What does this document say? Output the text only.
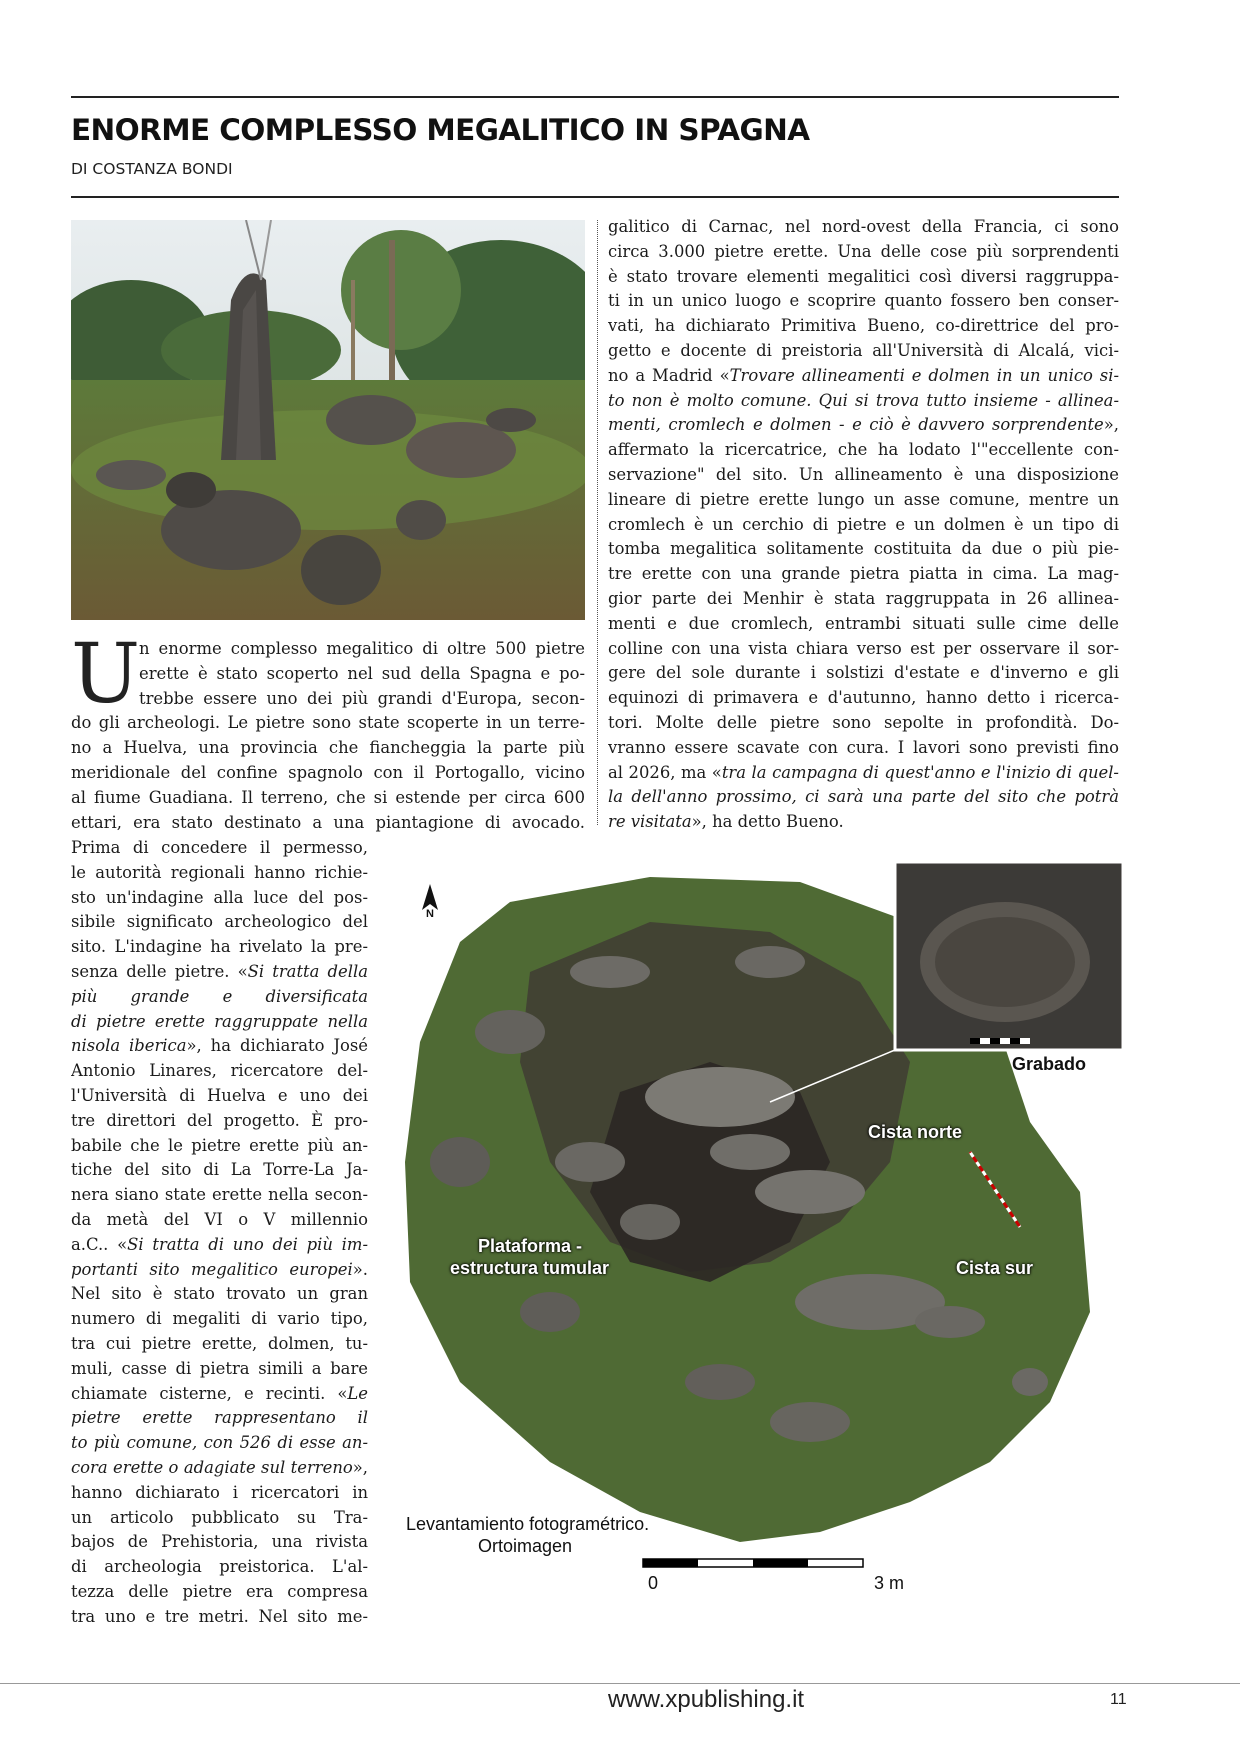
ENORME COMPLESSO MEGALITICO IN SPAGNA
DI COSTANZA BONDI
U
n enorme complesso megalitico di oltre 500 pietre
erette è stato scoperto nel sud della Spagna e po-
trebbe essere uno dei più grandi d'Europa, secon-
do gli archeologi. Le pietre sono state scoperte in un terre-
no a Huelva, una provincia che fiancheggia la parte più
meridionale del confine spagnolo con il Portogallo, vicino
al fiume Guadiana. Il terreno, che si estende per circa 600
ettari, era stato destinato a una piantagione di avocado.
Prima di concedere il permesso,
le autorità regionali hanno richie-
sto un'indagine alla luce del pos-
sibile significato archeologico del
sito. L'indagine ha rivelato la pre-
senza delle pietre. «Si tratta della
più grande e diversificata
di pietre erette raggruppate nella
nisola iberica», ha dichiarato José
Antonio Linares, ricercatore del-
l'Università di Huelva e uno dei
tre direttori del progetto. È pro-
babile che le pietre erette più an-
tiche del sito di La Torre-La Ja-
nera siano state erette nella secon-
da metà del VI o V millennio
a.C.. «Si tratta di uno dei più im-
portanti sito megalitico europei».
Nel sito è stato trovato un gran
numero di megaliti di vario tipo,
tra cui pietre erette, dolmen, tu-
muli, casse di pietra simili a bare
chiamate cisterne, e recinti. «Le
pietre erette rappresentano il
to più comune, con 526 di esse an-
cora erette o adagiate sul terreno»,
hanno dichiarato i ricercatori in
un articolo pubblicato su Tra-
bajos de Prehistoria, una rivista
di archeologia preistorica. L'al-
tezza delle pietre era compresa
tra uno e tre metri. Nel sito me-
galitico di Carnac, nel nord-ovest della Francia, ci sono
circa 3.000 pietre erette. Una delle cose più sorprendenti
è stato trovare elementi megalitici così diversi raggruppa-
ti in un unico luogo e scoprire quanto fossero ben conser-
vati, ha dichiarato Primitiva Bueno, co-direttrice del pro-
getto e docente di preistoria all'Università di Alcalá, vici-
no a Madrid «Trovare allineamenti e dolmen in un unico si-
to non è molto comune. Qui si trova tutto insieme - allinea-
menti, cromlech e dolmen - e ciò è davvero sorprendente»,
affermato la ricercatrice, che ha lodato l'"eccellente con-
servazione" del sito. Un allineamento è una disposizione
lineare di pietre erette lungo un asse comune, mentre un
cromlech è un cerchio di pietre e un dolmen è un tipo di
tomba megalitica solitamente costituita da due o più pie-
tre erette con una grande pietra piatta in cima. La mag-
gior parte dei Menhir è stata raggruppata in 26 allinea-
menti e due cromlech, entrambi situati sulle cime delle
colline con una vista chiara verso est per osservare il sor-
gere del sole durante i solstizi d'estate e d'inverno e gli
equinozi di primavera e d'autunno, hanno detto i ricerca-
tori. Molte delle pietre sono sepolte in profondità. Do-
vranno essere scavate con cura. I lavori sono previsti fino
al 2026, ma «tra la campagna di quest'anno e l'inizio di quel-
la dell'anno prossimo, ci sarà una parte del sito che potrà
re visitata», ha detto Bueno.
N
Grabado
Cista norte
Plataforma -
estructura tumular	Cista sur
Levantamiento fotogramétrico.
Ortoimagen
0	3 m
www.xpublishing.it	11
